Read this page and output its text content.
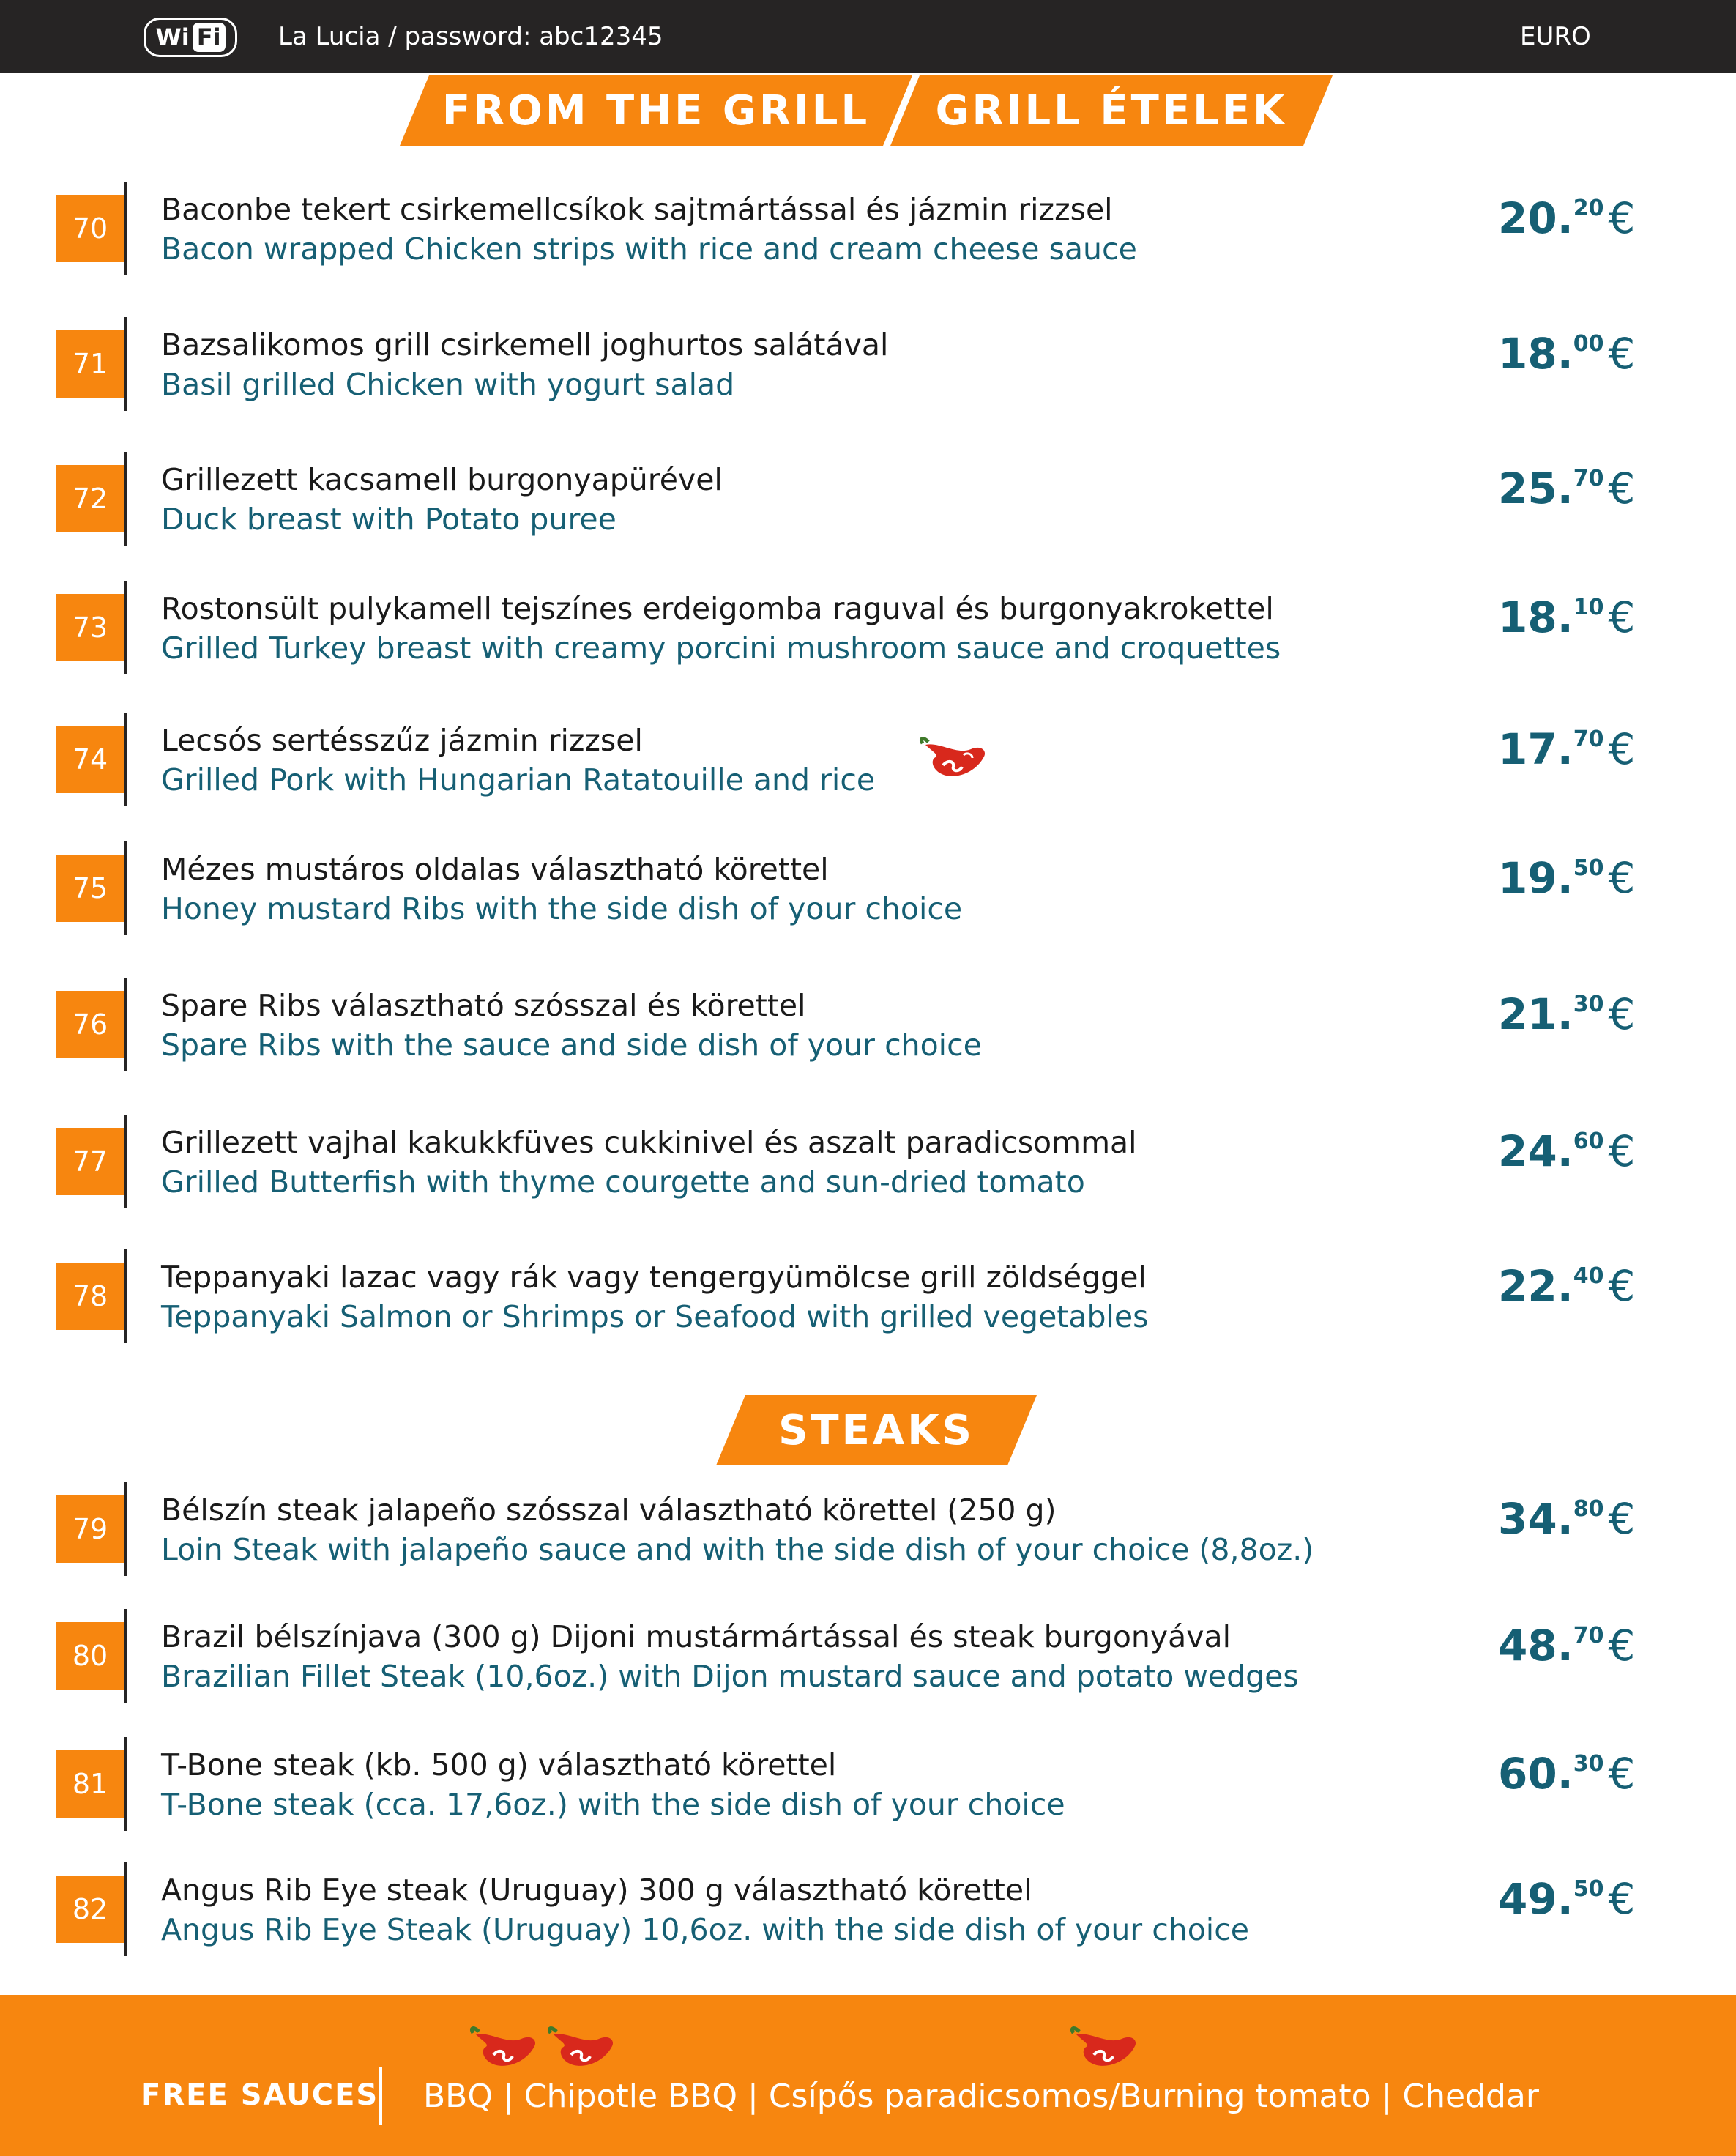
Wi Fi La Lucia / password: abc12345	EURO
FROM THE GRILL	GRILL ÉTELEK
STEAKS
70
Baconbe tekert csirkemellcsíkok sajtmártással és jázmin rizzsel
Bacon wrapped Chicken strips with rice and cream cheese sauce
20.20 €
71
Bazsalikomos grill csirkemell joghurtos salátával
Basil grilled Chicken with yogurt salad
18.00 €
72
Grillezett kacsamell burgonyapürével
Duck breast with Potato puree
25.70 €
73
Rostonsült pulykamell tejszínes erdeigomba raguval és burgonyakrokettel
Grilled Turkey breast with creamy porcini mushroom sauce and croquettes
18.10 €
74
Lecsós sertésszűz jázmin rizzsel
Grilled Pork with Hungarian Ratatouille and rice
17.70 €
75
Mézes mustáros oldalas választható körettel
Honey mustard Ribs with the side dish of your choice
19.50 €
76
Spare Ribs választható szósszal és körettel
Spare Ribs with the sauce and side dish of your choice
21.30 €
77
Grillezett vajhal kakukkfüves cukkinivel és aszalt paradicsommal
Grilled Butterfish with thyme courgette and sun-dried tomato
24.60 €
78
Teppanyaki lazac vagy rák vagy tengergyümölcse grill zöldséggel
Teppanyaki Salmon or Shrimps or Seafood with grilled vegetables
22.40 €
79
Bélszín steak jalapeño szósszal választható körettel (250 g)
Loin Steak with jalapeño sauce and with the side dish of your choice (8,8oz.)
34.80 €
80
Brazil bélszínjava (300 g) Dijoni mustármártással és steak burgonyával
Brazilian Fillet Steak (10,6oz.) with Dijon mustard sauce and potato wedges
48.70 €
81
T-Bone steak (kb. 500 g) választható körettel
T-Bone steak (cca. 17,6oz.) with the side dish of your choice
60.30 €
82
Angus Rib Eye steak (Uruguay) 300 g választható körettel
Angus Rib Eye Steak (Uruguay) 10,6oz. with the side dish of your choice
49.50 €
FREE SAUCES BBQ | Chipotle BBQ | Csípős paradicsomos/Burning tomato | Cheddar
